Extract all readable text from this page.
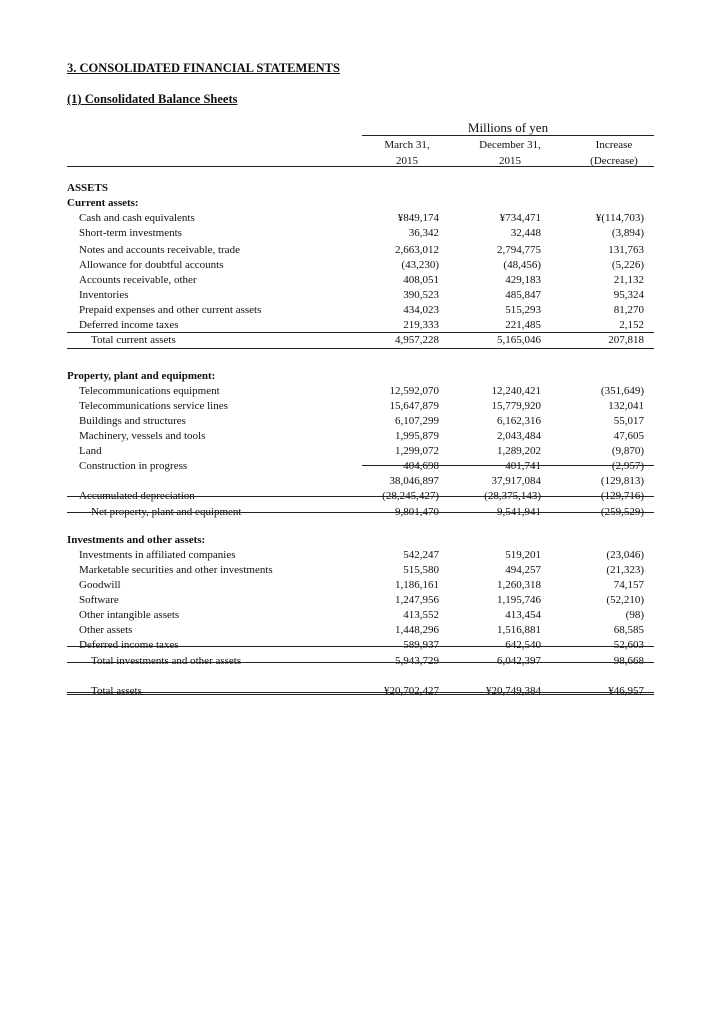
3. CONSOLIDATED FINANCIAL STATEMENTS
(1) Consolidated Balance Sheets
Millions of yen
March 31,
2015
December 31,
2015
Increase
(Decrease)
ASSETS
Current assets:
Cash and cash equivalents	¥849,174	¥734,471	¥(114,703)
Short-term investments	36,342	32,448	(3,894)
Notes and accounts receivable, trade	2,663,012	2,794,775	131,763
Allowance for doubtful accounts	(43,230)	(48,456)	(5,226)
Accounts receivable, other	408,051	429,183	21,132
Inventories	390,523	485,847	95,324
Prepaid expenses and other current assets	434,023	515,293	81,270
Deferred income taxes	219,333	221,485	2,152
Total current assets	4,957,228	5,165,046	207,818
Property, plant and equipment:
Telecommunications equipment	12,592,070	12,240,421	(351,649)
Telecommunications service lines	15,647,879	15,779,920	132,041
Buildings and structures	6,107,299	6,162,316	55,017
Machinery, vessels and tools	1,995,879	2,043,484	47,605
Land	1,299,072	1,289,202	(9,870)
Construction in progress	404,698	401,741	(2,957)
38,046,897	37,917,084	(129,813)
Accumulated depreciation	(28,245,427)	(28,375,143)	(129,716)
Net property, plant and equipment	9,801,470	9,541,941	(259,529)
Investments and other assets:
Investments in affiliated companies	542,247	519,201	(23,046)
Marketable securities and other investments	515,580	494,257	(21,323)
Goodwill	1,186,161	1,260,318	74,157
Software	1,247,956	1,195,746	(52,210)
Other intangible assets	413,552	413,454	(98)
Other assets	1,448,296	1,516,881	68,585
Deferred income taxes	589,937	642,540	52,603
Total investments and other assets	5,943,729	6,042,397	98,668
Total assets	¥20,702,427	¥20,749,384	¥46,957
